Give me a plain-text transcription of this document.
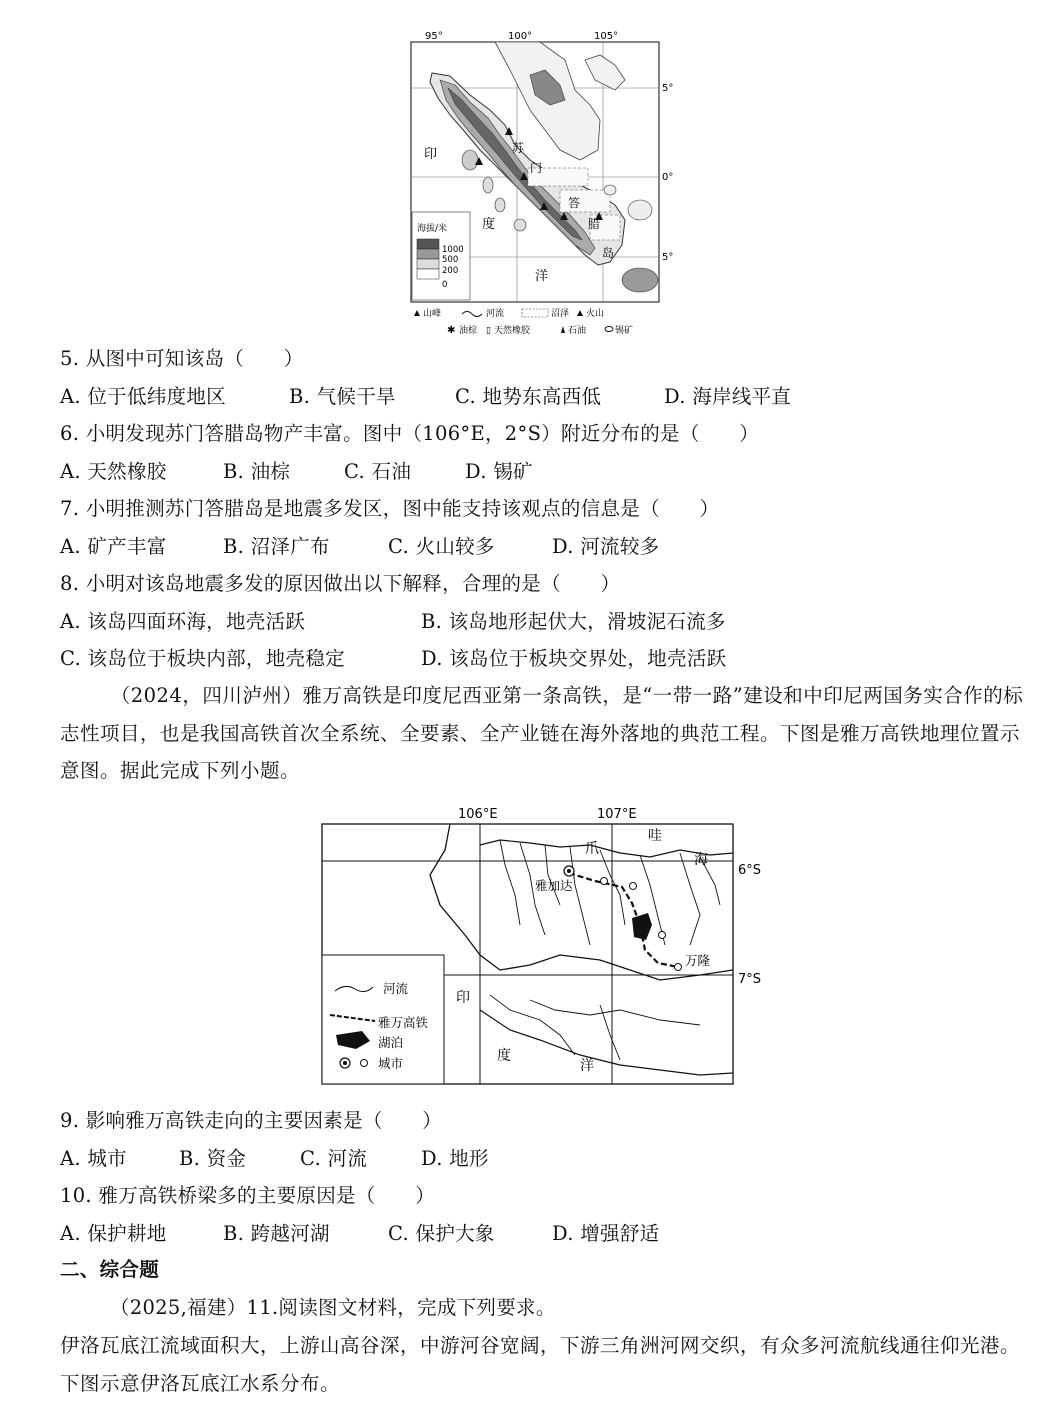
95°	100°	105°
5°
0°
5°
印
度
洋
苏
门
答
腊
岛
海拔/米
1000
500
200
0
山峰	河流	沼泽 火山
✱ 油棕 ▯ 天然橡胶	石油	锡矿
5. 从图中可知该岛（　　）
A. 位于低纬度地区	B. 气候干旱	C. 地势东高西低	D. 海岸线平直
6. 小明发现苏门答腊岛物产丰富。图中（106°E，2°S）附近分布的是（　　）
A. 天然橡胶	B. 油棕	C. 石油	D. 锡矿
7. 小明推测苏门答腊岛是地震多发区，图中能支持该观点的信息是（　　）
A. 矿产丰富	B. 沼泽广布	C. 火山较多	D. 河流较多
8. 小明对该岛地震多发的原因做出以下解释，合理的是（　　）
A. 该岛四面环海，地壳活跃	B. 该岛地形起伏大，滑坡泥石流多
C. 该岛位于板块内部，地壳稳定	D. 该岛位于板块交界处，地壳活跃
（2024，四川泸州）雅万高铁是印度尼西亚第一条高铁，是“一带一路”建设和中印尼两国务实合作的标志性项目，也是我国高铁首次全系统、全要素、全产业链在海外落地的典范工程。下图是雅万高铁地理位置示意图。据此完成下列小题。
106°E	107°E
6°S
7°S
爪
哇
海
印
度
洋
雅加达
万隆
河流
雅万高铁
湖泊
城市
9. 影响雅万高铁走向的主要因素是（　　）
A. 城市	B. 资金	C. 河流	D. 地形
10. 雅万高铁桥梁多的主要原因是（　　）
A. 保护耕地	B. 跨越河湖	C. 保护大象	D. 增强舒适
二、综合题
（2025,福建）11.阅读图文材料，完成下列要求。
伊洛瓦底江流域面积大，上游山高谷深，中游河谷宽阔，下游三角洲河网交织，有众多河流航线通往仰光港。下图示意伊洛瓦底江水系分布。
